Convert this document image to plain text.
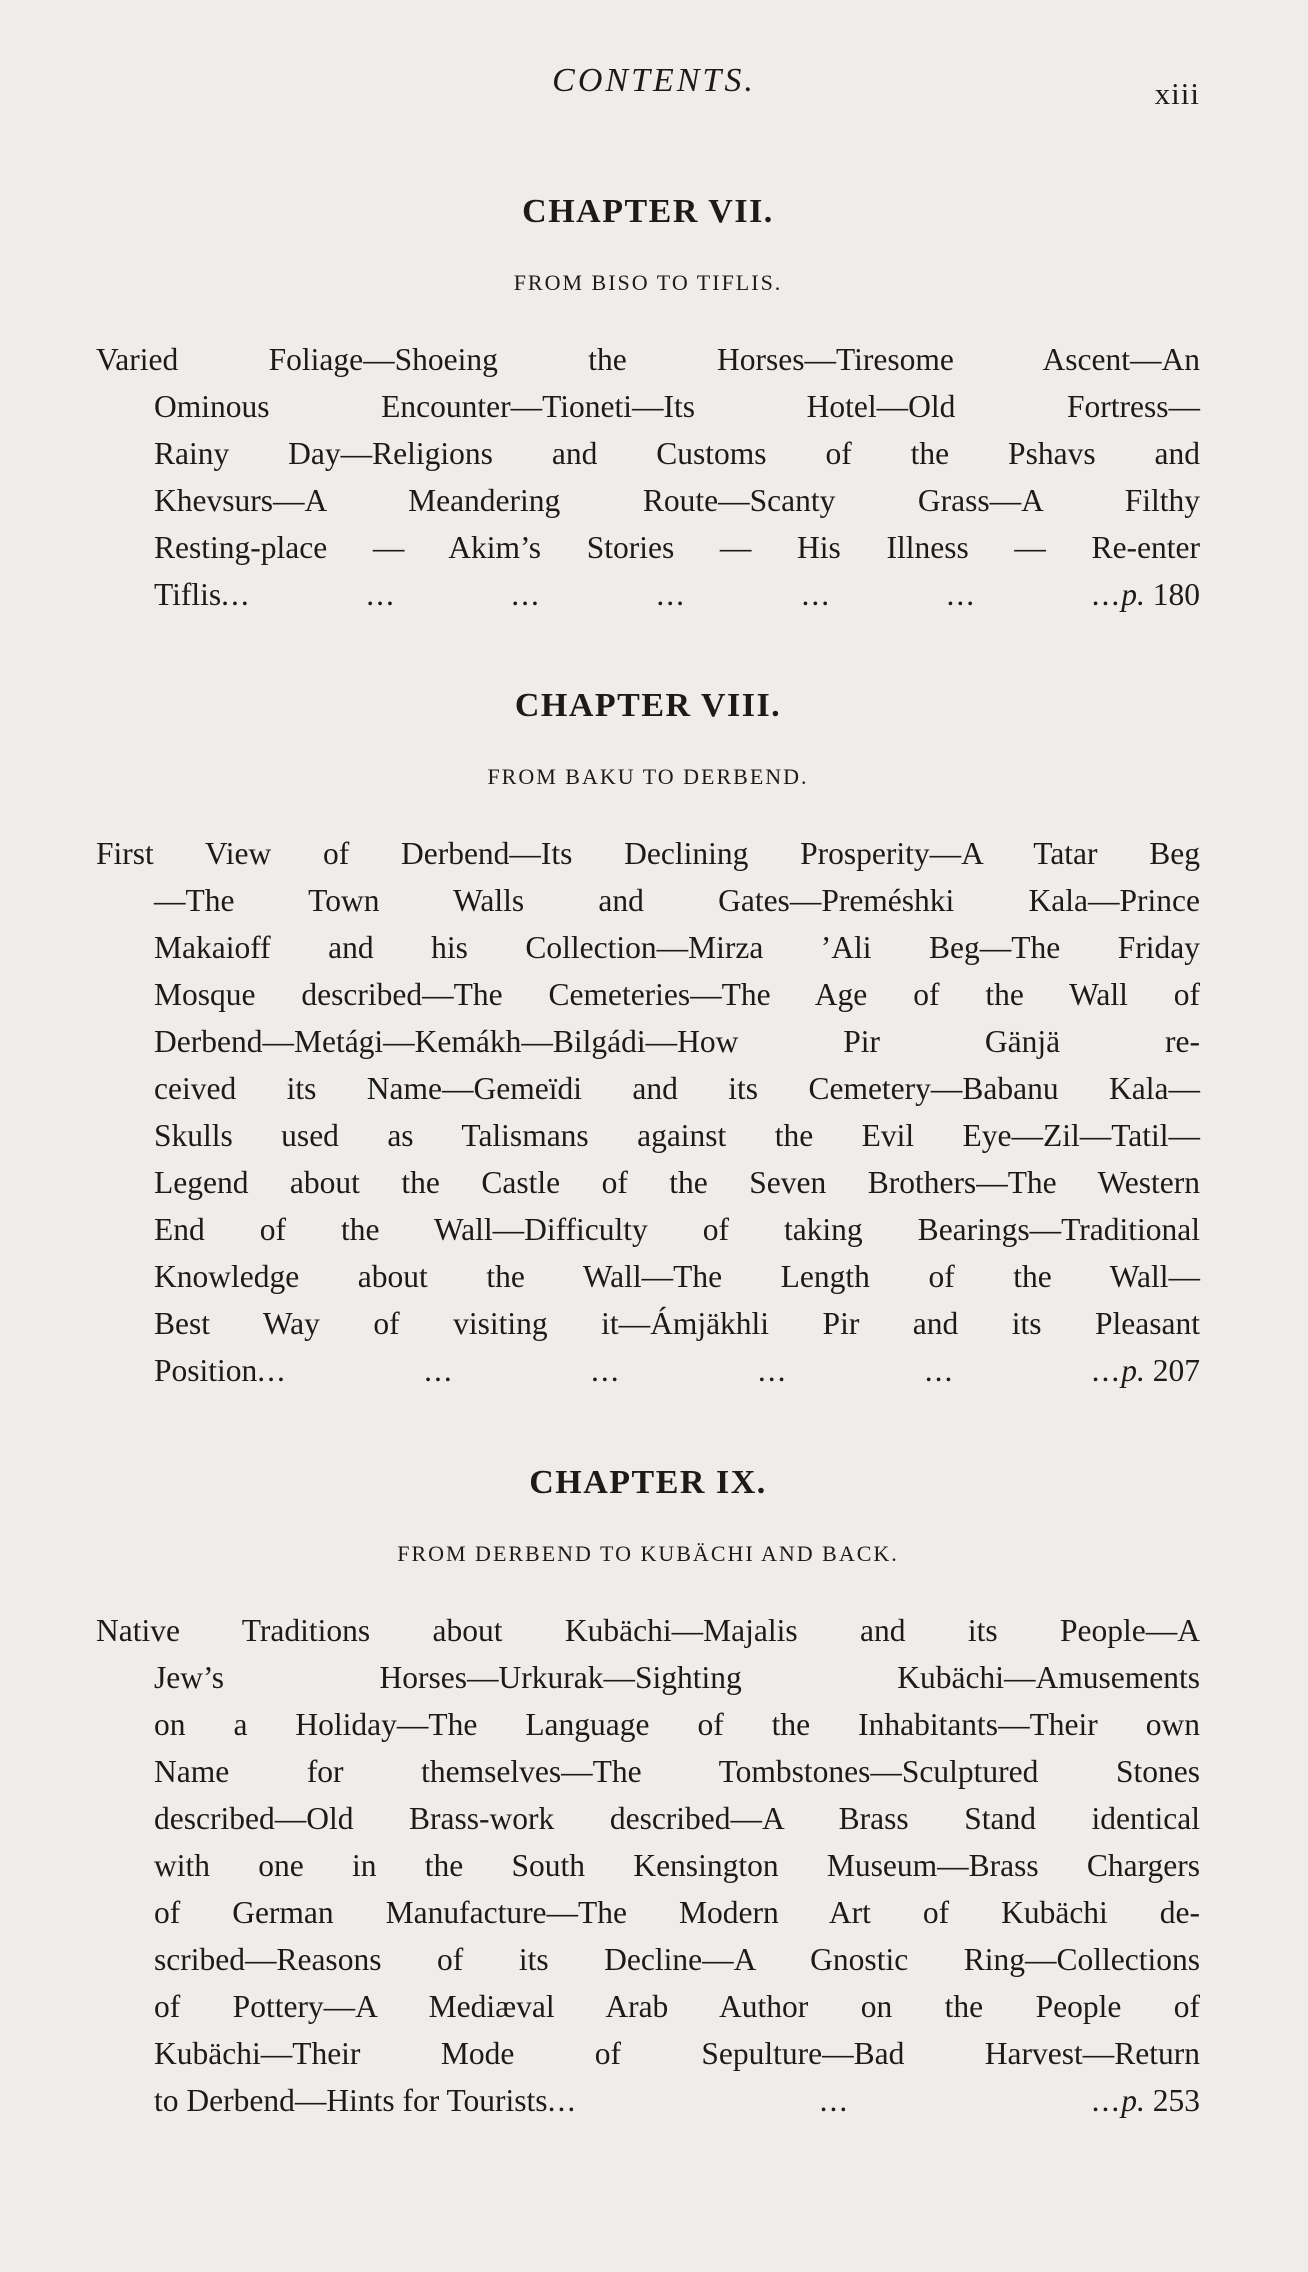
CONTENTS.	xiii
CHAPTER VII.
FROM BISO TO TIFLIS.
Varied Foliage—Shoeing the Horses—Tiresome Ascent—An
Ominous Encounter—Tioneti—Its Hotel—Old Fortress—
Rainy Day—Religions and Customs of the Pshavs and
Khevsurs—A Meandering Route—Scanty Grass—A Filthy
Resting-place — Akim’s Stories — His Illness — Re-enter
Tiflis ... ... ... ... ... ... ... p. 180
CHAPTER VIII.
FROM BAKU TO DERBEND.
First View of Derbend—Its Declining Prosperity—A Tatar Beg
—The Town Walls and Gates—Preméshki Kala—Prince
Makaioff and his Collection—Mirza ’Ali Beg—The Friday
Mosque described—The Cemeteries—The Age of the Wall of
Derbend—Metági—Kemákh—Bilgádi—How Pir Gänjä re-
ceived its Name—Gemeïdi and its Cemetery—Babanu Kala—
Skulls used as Talismans against the Evil Eye—Zil—Tatil—
Legend about the Castle of the Seven Brothers—The Western
End of the Wall—Difficulty of taking Bearings—Traditional
Knowledge about the Wall—The Length of the Wall—
Best Way of visiting it—Ámjäkhli Pir and its Pleasant
Position ... ... ... ... ... ... p. 207
CHAPTER IX.
FROM DERBEND TO KUBÄCHI AND BACK.
Native Traditions about Kubächi—Majalis and its People—A
Jew’s Horses—Urkurak—Sighting Kubächi—Amusements
on a Holiday—The Language of the Inhabitants—Their own
Name for themselves—The Tombstones—Sculptured Stones
described—Old Brass-work described—A Brass Stand identical
with one in the South Kensington Museum—Brass Chargers
of German Manufacture—The Modern Art of Kubächi de-
scribed—Reasons of its Decline—A Gnostic Ring—Collections
of Pottery—A Mediæval Arab Author on the People of
Kubächi—Their Mode of Sepulture—Bad Harvest—Return
to Derbend—Hints for Tourists ... ... ... p. 253
